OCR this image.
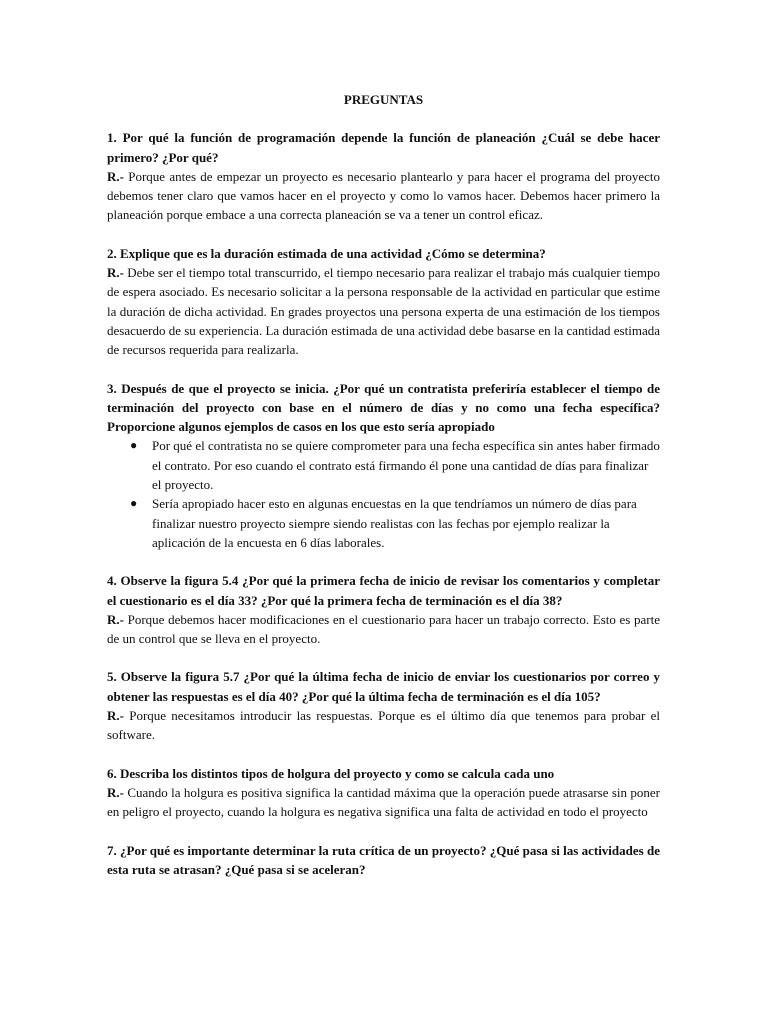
PREGUNTAS

1. Por qué la función de programación depende la función de planeación ¿Cuál se debe hacer primero? ¿Por qué?

R.- Porque antes de empezar un proyecto es necesario plantearlo y para hacer el programa del proyecto debemos tener claro que vamos hacer en el proyecto y como lo vamos hacer. Debemos hacer primero la planeación porque embace a una correcta planeación se va a tener un control eficaz.

2. Explique que es la duración estimada de una actividad ¿Cómo se determina?

R.- Debe ser el tiempo total transcurrido, el tiempo necesario para realizar el trabajo más cualquier tiempo de espera asociado. Es necesario solicitar a la persona responsable de la actividad en particular que estime la duración de dicha actividad. En grades proyectos una persona experta de una estimación de los tiempos desacuerdo de su experiencia. La duración estimada de una actividad debe basarse en la cantidad estimada de recursos requerida para realizarla.

3. Después de que el proyecto se inicia. ¿Por qué un contratista preferiría establecer el tiempo de terminación del proyecto con base en el número de días y no como una fecha específica? Proporcione algunos ejemplos de casos en los que esto sería apropiado

● Por qué el contratista no se quiere comprometer para una fecha específica sin antes haber firmado el contrato. Por eso cuando el contrato está firmando él pone una cantidad de días para finalizar el proyecto.
● Sería apropiado hacer esto en algunas encuestas en la que tendríamos un número de días para finalizar nuestro proyecto siempre siendo realistas con las fechas por ejemplo realizar la aplicación de la encuesta en 6 días laborales.

4. Observe la figura 5.4 ¿Por qué la primera fecha de inicio de revisar los comentarios y completar el cuestionario es el día 33? ¿Por qué la primera fecha de terminación es el día 38?

R.- Porque debemos hacer modificaciones en el cuestionario para hacer un trabajo correcto. Esto es parte de un control que se lleva en el proyecto.

5. Observe la figura 5.7 ¿Por qué la última fecha de inicio de enviar los cuestionarios por correo y obtener las respuestas es el día 40? ¿Por qué la última fecha de terminación es el día 105?

R.- Porque necesitamos introducir las respuestas. Porque es el último día que tenemos para probar el software.

6. Describa los distintos tipos de holgura del proyecto y como se calcula cada uno

R.- Cuando la holgura es positiva significa la cantidad máxima que la operación puede atrasarse sin poner en peligro el proyecto, cuando la holgura es negativa significa una falta de actividad en todo el proyecto

7. ¿Por qué es importante determinar la ruta crítica de un proyecto? ¿Qué pasa si las actividades de esta ruta se atrasan? ¿Qué pasa si se aceleran?
